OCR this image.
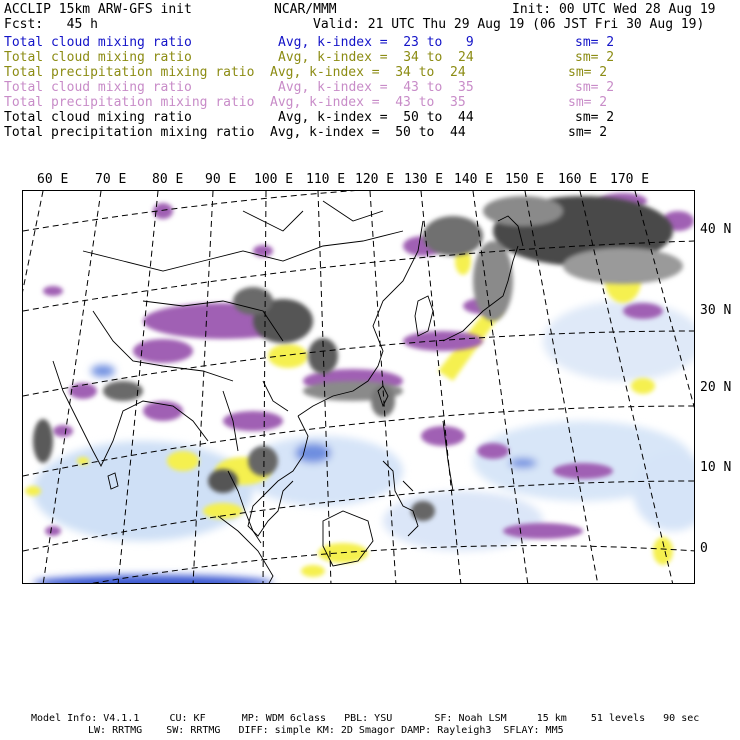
ACCLIP 15km ARW-GFS init	NCAR/MMM	Init: 00 UTC Wed 28 Aug 19
Fcst:   45 h	Valid: 21 UTC Thu 29 Aug 19 (06 JST Fri 30 Aug 19)
Total cloud mixing ratio	Avg, k-index =  23 to   9	sm= 2
Total cloud mixing ratio	Avg, k-index =  34 to  24	sm= 2
Total precipitation mixing ratio Avg, k-index =  34 to  24	sm= 2
Total cloud mixing ratio	Avg, k-index =  43 to  35	sm= 2
Total precipitation mixing ratio Avg, k-index =  43 to  35	sm= 2
Total cloud mixing ratio	Avg, k-index =  50 to  44	sm= 2
Total precipitation mixing ratio Avg, k-index =  50 to  44	sm= 2
60 E 70 E 80 E 90 E 100 E 110 E 120 E 130 E 140 E 150 E 160 E 170 E
40 N
30 N
20 N
10 N
0
Model Info: V4.1.1     CU: KF      MP: WDM 6class   PBL: YSU       SF: Noah LSM     15 km    51 levels   90 sec
LW: RRTMG    SW: RRTMG   DIFF: simple KM: 2D Smagor DAMP: Rayleigh3  SFLAY: MM5
